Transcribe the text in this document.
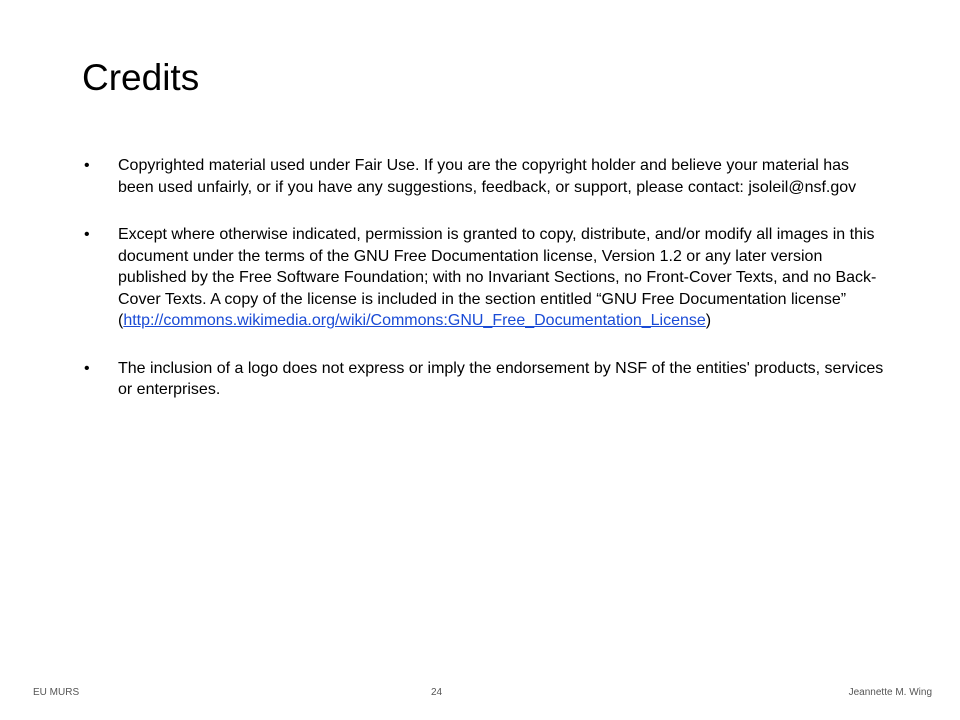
Credits
• Copyrighted material used under Fair Use. If you are the copyright holder and believe your material has been used unfairly, or if you have any suggestions, feedback, or support, please contact: jsoleil@nsf.gov
• Except where otherwise indicated, permission is granted to copy, distribute, and/or modify all images in this document under the terms of the GNU Free Documentation license, Version 1.2 or any later version published by the Free Software Foundation; with no Invariant Sections, no Front-Cover Texts, and no Back-Cover Texts. A copy of the license is included in the section entitled “GNU Free Documentation license” (http://commons.wikimedia.org/wiki/Commons:GNU_Free_Documentation_License)
• The inclusion of a logo does not express or imply the endorsement by NSF of the entities' products, services or enterprises.
EU MURS	24	Jeannette M. Wing
